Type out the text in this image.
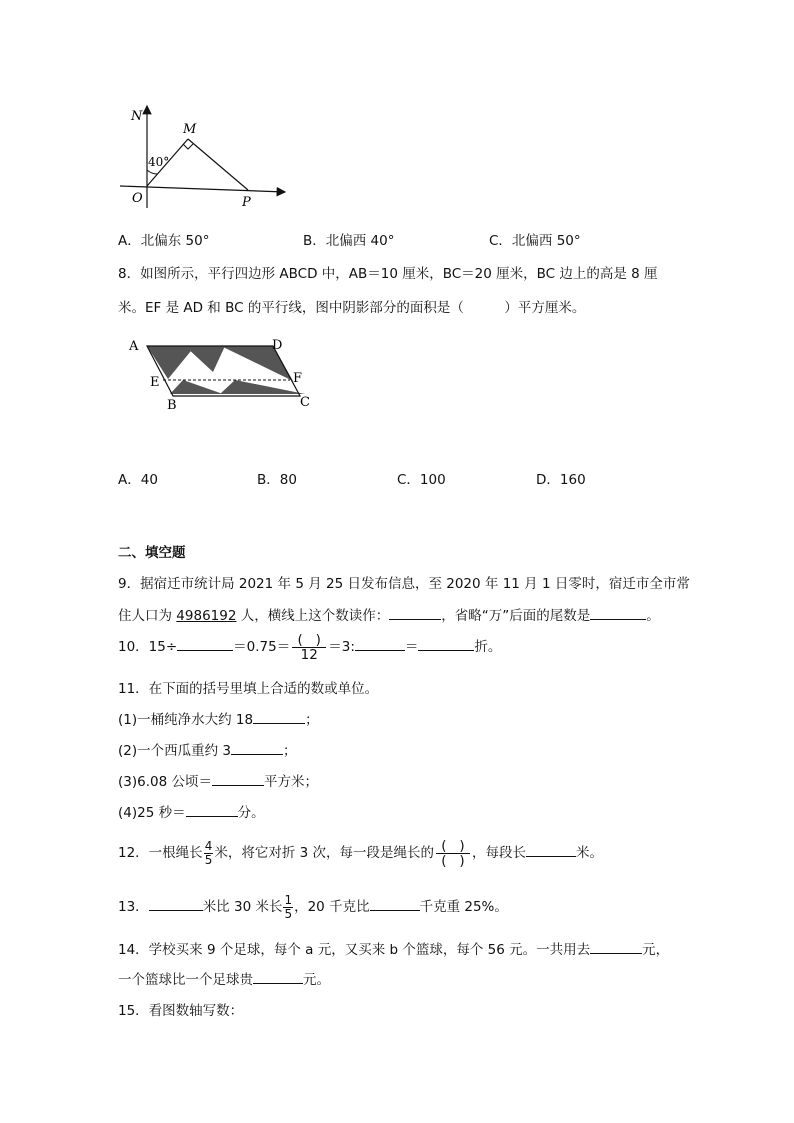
N
M
40°
O	P
A．北偏东 50°	B．北偏西 40°	C．北偏西 50°
8．如图所示，平行四边形 ABCD 中，AB＝10 厘米，BC＝20 厘米，BC 边上的高是 8 厘
米。EF 是 AD 和 BC 的平行线，图中阴影部分的面积是（　　　）平方厘米。
A	D
E	F
B	C
A．40	B．80	C．100	D．160
二、填空题
9．据宿迁市统计局 2021 年 5 月 25 日发布信息，至 2020 年 11 月 1 日零时，宿迁市全市常
住人口为 4986192 人，横线上这个数读作：	，省略“万”后面的尾数是	。
10．15÷	$=0.75= \frac{( )}{12} =3$:	＝	折。
11．在下面的括号里填上合适的数或单位。
(1)一桶纯净水大约 18	；
(2)一个西瓜重约 3	；
(3)6.08 公顷＝	平方米；
(4)25 秒＝	分。
12．一根绳长 $\frac{4}{5}$ 米，将它对折 3 次，每一段是绳长的 $\frac{( )}{( )}$ ，每段长	米。
13．	米比 30 米长 $\frac{1}{5}$ ，20 千克比	千克重 25%。
14．学校买来 9 个足球，每个 a 元，又买来 b 个篮球，每个 56 元。一共用去	元，
一个篮球比一个足球贵	元。
15．看图数轴写数：
